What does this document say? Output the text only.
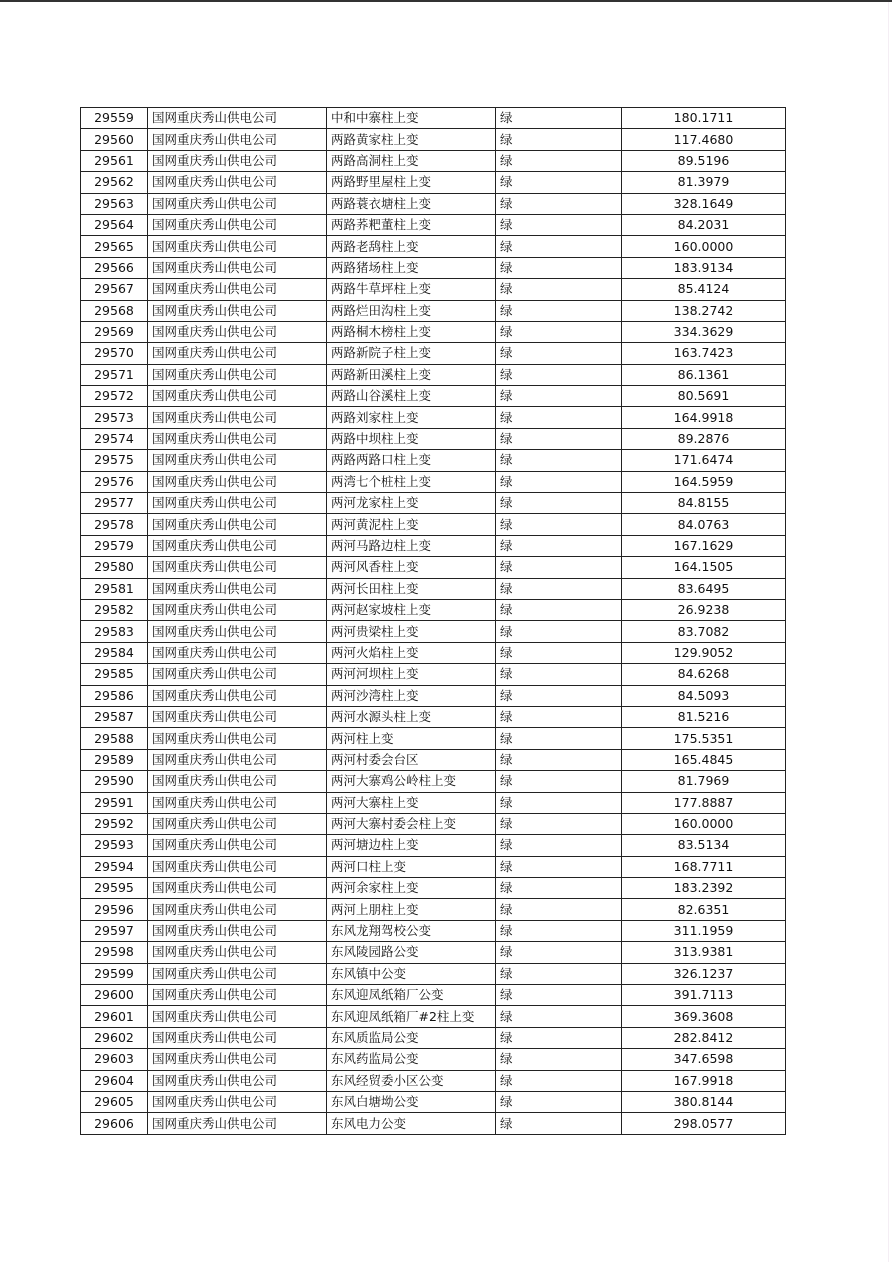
29559	国网重庆秀山供电公司	中和中寨柱上变	绿	180.1711
29560	国网重庆秀山供电公司	两路黄家柱上变	绿	117.4680
29561	国网重庆秀山供电公司	两路高洞柱上变	绿	89.5196
29562	国网重庆秀山供电公司	两路野里屋柱上变	绿	81.3979
29563	国网重庆秀山供电公司	两路蓑衣塘柱上变	绿	328.1649
29564	国网重庆秀山供电公司	两路荞粑董柱上变	绿	84.2031
29565	国网重庆秀山供电公司	两路老鸹柱上变	绿	160.0000
29566	国网重庆秀山供电公司	两路猪场柱上变	绿	183.9134
29567	国网重庆秀山供电公司	两路牛草坪柱上变	绿	85.4124
29568	国网重庆秀山供电公司	两路烂田沟柱上变	绿	138.2742
29569	国网重庆秀山供电公司	两路桐木榜柱上变	绿	334.3629
29570	国网重庆秀山供电公司	两路新院子柱上变	绿	163.7423
29571	国网重庆秀山供电公司	两路新田溪柱上变	绿	86.1361
29572	国网重庆秀山供电公司	两路山谷溪柱上变	绿	80.5691
29573	国网重庆秀山供电公司	两路刘家柱上变	绿	164.9918
29574	国网重庆秀山供电公司	两路中坝柱上变	绿	89.2876
29575	国网重庆秀山供电公司	两路两路口柱上变	绿	171.6474
29576	国网重庆秀山供电公司	两湾七个桩柱上变	绿	164.5959
29577	国网重庆秀山供电公司	两河龙家柱上变	绿	84.8155
29578	国网重庆秀山供电公司	两河黄泥柱上变	绿	84.0763
29579	国网重庆秀山供电公司	两河马路边柱上变	绿	167.1629
29580	国网重庆秀山供电公司	两河风香柱上变	绿	164.1505
29581	国网重庆秀山供电公司	两河长田柱上变	绿	83.6495
29582	国网重庆秀山供电公司	两河赵家坡柱上变	绿	26.9238
29583	国网重庆秀山供电公司	两河贵梁柱上变	绿	83.7082
29584	国网重庆秀山供电公司	两河火焰柱上变	绿	129.9052
29585	国网重庆秀山供电公司	两河河坝柱上变	绿	84.6268
29586	国网重庆秀山供电公司	两河沙湾柱上变	绿	84.5093
29587	国网重庆秀山供电公司	两河水源头柱上变	绿	81.5216
29588	国网重庆秀山供电公司	两河柱上变	绿	175.5351
29589	国网重庆秀山供电公司	两河村委会台区	绿	165.4845
29590	国网重庆秀山供电公司	两河大寨鸡公岭柱上变	绿	81.7969
29591	国网重庆秀山供电公司	两河大寨柱上变	绿	177.8887
29592	国网重庆秀山供电公司	两河大寨村委会柱上变	绿	160.0000
29593	国网重庆秀山供电公司	两河塘边柱上变	绿	83.5134
29594	国网重庆秀山供电公司	两河口柱上变	绿	168.7711
29595	国网重庆秀山供电公司	两河余家柱上变	绿	183.2392
29596	国网重庆秀山供电公司	两河上朋柱上变	绿	82.6351
29597	国网重庆秀山供电公司	东风龙翔驾校公变	绿	311.1959
29598	国网重庆秀山供电公司	东风陵园路公变	绿	313.9381
29599	国网重庆秀山供电公司	东风镇中公变	绿	326.1237
29600	国网重庆秀山供电公司	东风迎凤纸箱厂公变	绿	391.7113
29601	国网重庆秀山供电公司	东风迎凤纸箱厂#2柱上变	绿	369.3608
29602	国网重庆秀山供电公司	东风质监局公变	绿	282.8412
29603	国网重庆秀山供电公司	东风药监局公变	绿	347.6598
29604	国网重庆秀山供电公司	东风经贸委小区公变	绿	167.9918
29605	国网重庆秀山供电公司	东风白塘坳公变	绿	380.8144
29606	国网重庆秀山供电公司	东风电力公变	绿	298.0577
